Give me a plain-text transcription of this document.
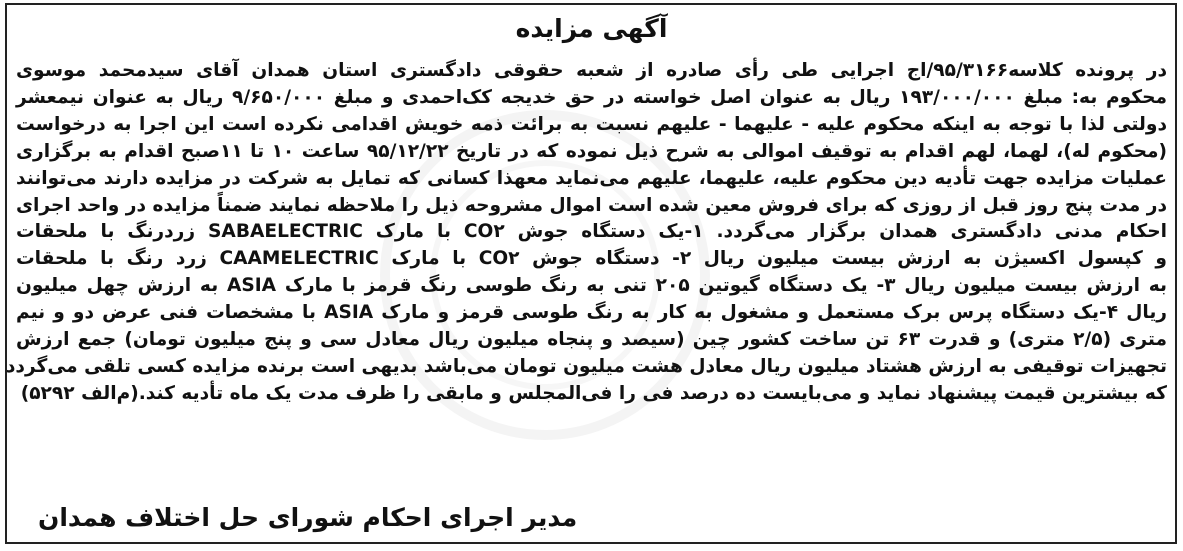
آگهی مزایده
در پرونده کلاسه۹۵/۳۱۶۶/اج اجرایی طی رأی صادره از شعبه حقوقی دادگستری استان همدان آقای سیدمحمد موسوی
محکوم به: مبلغ ۱۹۳/۰۰۰/۰۰۰ ریال به عنوان اصل خواسته در حق خدیجه کک‌احمدی و مبلغ ۹/۶۵۰/۰۰۰ ریال به عنوان نیمعشر
دولتی لذا با توجه به اینکه محکوم علیه - علیهما - علیهم نسبت به برائت ذمه خویش اقدامی نکرده است این اجرا به درخواست
(محکوم له)، لهما، لهم اقدام به توقیف اموالی به شرح ذیل نموده که در تاریخ ۹۵/۱۲/۲۲ ساعت ۱۰ تا ۱۱صبح اقدام به برگزاری
عملیات مزایده جهت تأدیه دین محکوم علیه، علیهما، علیهم می‌نماید معهذا کسانی که تمایل به شرکت در مزایده دارند می‌توانند
در مدت پنج روز قبل از روزی که برای فروش معین شده است اموال مشروحه ذیل را ملاحظه نمایند ضمناً مزایده در واحد اجرای
احکام مدنی دادگستری همدان برگزار می‌گردد. ۱-یک دستگاه جوش CO۲ با مارک SABAELECTRIC زردرنگ با ملحقات
و کپسول اکسیژن به ارزش بیست میلیون ریال ۲- دستگاه جوش CO۲ با مارک CAAMELECTRIC زرد رنگ با ملحقات
به ارزش بیست میلیون ریال ۳- یک دستگاه گیوتین ۲۰۵ تنی به رنگ طوسی رنگ قرمز با مارک ASIA به ارزش چهل میلیون
ریال ۴-یک دستگاه پرس برک مستعمل و مشغول به کار به رنگ طوسی قرمز و مارک ASIA با مشخصات فنی عرض دو و نیم
متری (۲/۵ متری) و قدرت ۶۳ تن ساخت کشور چین (سیصد و پنجاه میلیون ریال معادل سی و پنج میلیون تومان) جمع ارزش
تجهیزات توقیفی به ارزش هشتاد میلیون ریال معادل هشت میلیون تومان می‌باشد بدیهی است برنده مزایده کسی تلقی می‌گردد
که بیشترین قیمت پیشنهاد نماید و می‌بایست ده درصد فی را فی‌المجلس و مابقی را ظرف مدت یک ماه تأدیه کند.(م‌الف ۵۲۹۲)
مدیر اجرای احکام شورای حل اختلاف همدان
